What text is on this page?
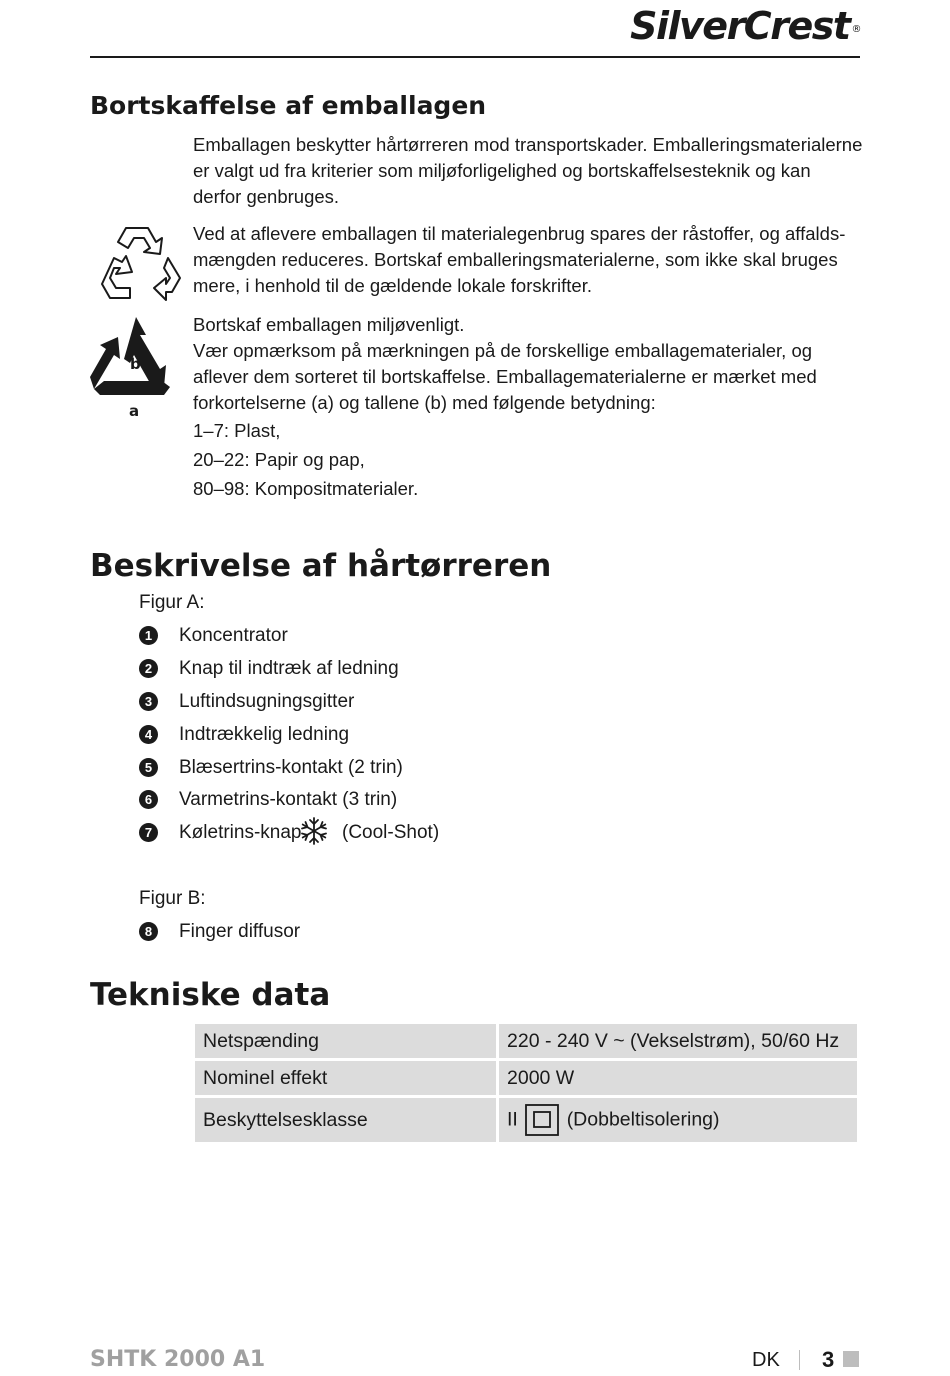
SilverCrest ®
Bortskaffelse af emballagen
Emballagen beskytter hårtørreren mod transportskader. Emballeringsmaterialerne er valgt ud fra kriterier som miljøforligelighed og bortskaffelsesteknik og kan derfor genbruges.
Ved at aflevere emballagen til materialegenbrug spares der råstoffer, og affalds-mængden reduceres. Bortskaf emballeringsmaterialerne, som ikke skal bruges mere, i henhold til de gældende lokale forskrifter.
b
a
Bortskaf emballagen miljøvenligt.
Vær opmærksom på mærkningen på de forskellige emballagematerialer, og aflever dem sorteret til bortskaffelse. Emballagematerialerne er mærket med forkortelserne (a) og tallene (b) med følgende betydning:
1–7: Plast,
20–22: Papir og pap,
80–98: Kompositmaterialer.
Beskrivelse af hårtørreren
Figur A:
1	Koncentrator
2	Knap til indtræk af ledning
3	Luftindsugningsgitter
4	Indtrækkelig ledning
5	Blæsertrins-kontakt (2 trin)
6	Varmetrins-kontakt (3 trin)
7	Køletrins-knap (Cool-Shot)
Figur B:
8	Finger diffusor
Tekniske data
Netspænding	220 - 240 V ~ (Vekselstrøm), 50/60 Hz
Nominel effekt	2000 W
Beskyttelsesklasse	II (Dobbeltisolering)
SHTK 2000 A1	DK 3
